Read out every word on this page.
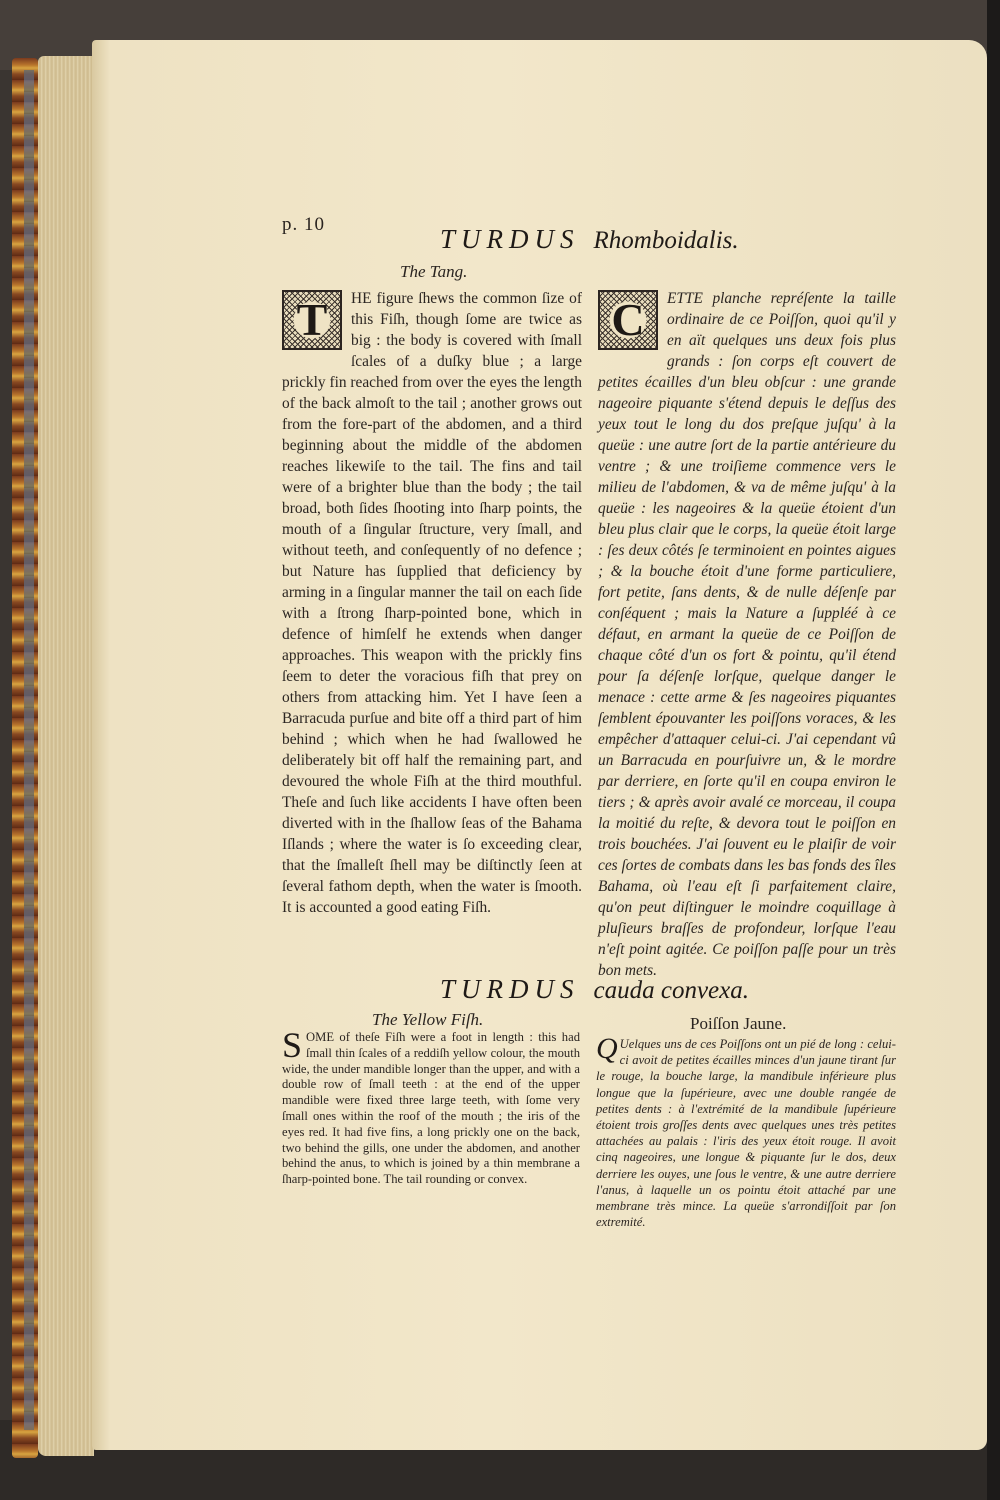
p. 10	TURDUS Rhomboidalis.
The Tang.
T	HE figure ſhews the common ſize of this Fiſh, though ſome are twice as big : the body is covered with ſmall ſcales of a duſky blue ; a large prickly fin reached from over the eyes the length of the back almoſt to the tail ; another grows out from the fore-part of the abdomen, and a third beginning about the middle of the abdomen reaches likewiſe to the tail. The fins and tail were of a brighter blue than the body ; the tail broad, both ſides ſhooting into ſharp points, the mouth of a ſingular ſtructure, very ſmall, and without teeth, and conſequently of no defence ; but Nature has ſupplied that deficiency by arming in a ſingular manner the tail on each ſide with a ſtrong ſharp-pointed bone, which in defence of himſelf he extends when danger approaches. This weapon with the prickly fins ſeem to deter the voracious fiſh that prey on others from attacking him. Yet I have ſeen a Barracuda purſue and bite off a third part of him behind ; which when he had ſwallowed he deliberately bit off half the remaining part, and devoured the whole Fiſh at the third mouthful. Theſe and ſuch like accidents I have often been diverted with in the ſhallow ſeas of the Bahama Iſlands ; where the water is ſo exceeding clear, that the ſmalleſt ſhell may be diſtinctly ſeen at ſeveral fathom depth, when the water is ſmooth. It is accounted a good eating Fiſh.

C	ETTE planche repréſente la taille ordinaire de ce Poiſſon, quoi qu'il y en aït quelques uns deux fois plus grands : ſon corps eſt couvert de petites écailles d'un bleu obſcur : une grande nageoire piquante s'étend depuis le deſſus des yeux tout le long du dos preſque juſqu' à la queüe : une autre ſort de la partie antérieure du ventre ; & une troiſieme commence vers le milieu de l'abdomen, & va de même juſqu' à la queüe : les nageoires & la queüe étoient d'un bleu plus clair que le corps, la queüe étoit large : ſes deux côtés ſe terminoient en pointes aigues ; & la bouche étoit d'une forme particuliere, fort petite, ſans dents, & de nulle déſenſe par conſéquent ; mais la Nature a ſuppléé à ce défaut, en armant la queüe de ce Poiſſon de chaque côté d'un os fort & pointu, qu'il étend pour ſa déſenſe lorſque, quelque danger le menace : cette arme & ſes nageoires piquantes ſemblent épouvanter les poiſſons voraces, & les empêcher d'attaquer celui-ci. J'ai cependant vû un Barracuda en pourſuivre un, & le mordre par derriere, en ſorte qu'il en coupa environ le tiers ; & après avoir avalé ce morceau, il coupa la moitié du reſte, & devora tout le poiſſon en trois bouchées. J'ai ſouvent eu le plaiſir de voir ces ſortes de combats dans les bas fonds des îles Bahama, où l'eau eſt ſi parfaitement claire, qu'on peut diſtinguer le moindre coquillage à pluſieurs braſſes de profondeur, lorſque l'eau n'eſt point agitée. Ce poiſſon paſſe pour un très bon mets.

TURDUS cauda convexa.
The Yellow Fiſh.	Poiſſon Jaune.
S OME of theſe Fiſh were a foot in length : this had ſmall thin ſcales of a reddiſh yellow colour, the mouth wide, the under mandible longer than the upper, and with a double row of ſmall teeth : at the end of the upper mandible were fixed three large teeth, with ſome very ſmall ones within the roof of the mouth ; the iris of the eyes red. It had five fins, a long prickly one on the back, two behind the gills, one under the abdomen, and another behind the anus, to which is joined by a thin membrane a ſharp-pointed bone. The tail rounding or convex.

Q Uelques uns de ces Poiſſons ont un pié de long : celui-ci avoit de petites écailles minces d'un jaune tirant ſur le rouge, la bouche large, la mandibule inférieure plus longue que la ſupérieure, avec une double rangée de petites dents : à l'extrémité de la mandibule ſupérieure étoient trois groſſes dents avec quelques unes très petites attachées au palais : l'iris des yeux étoit rouge. Il avoit cinq nageoires, une longue & piquante ſur le dos, deux derriere les ouyes, une ſous le ventre, & une autre derriere l'anus, à laquelle un os pointu étoit attaché par une membrane très mince. La queüe s'arrondiſſoit par ſon extremité.
